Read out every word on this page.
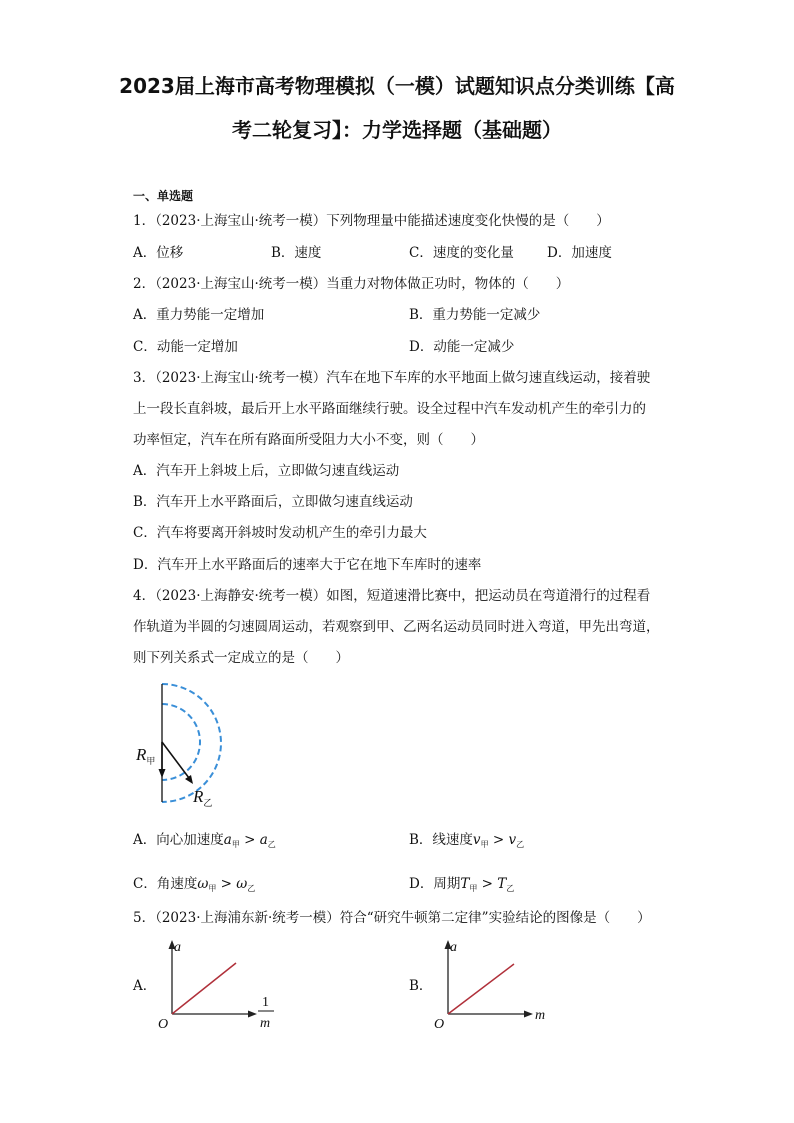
2023届上海市高考物理模拟（一模）试题知识点分类训练【高
考二轮复习】：力学选择题（基础题）
一、单选题
1．（2023·上海宝山·统考一模）下列物理量中能描述速度变化快慢的是（　　）
A．位移	B．速度	C．速度的变化量 D．加速度
2．（2023·上海宝山·统考一模）当重力对物体做正功时，物体的（　　）
A．重力势能一定增加	B．重力势能一定减少
C．动能一定增加	D．动能一定减少
3．（2023·上海宝山·统考一模）汽车在地下车库的水平地面上做匀速直线运动，接着驶
上一段长直斜坡，最后开上水平路面继续行驶。设全过程中汽车发动机产生的牵引力的
功率恒定，汽车在所有路面所受阻力大小不变，则（　　）
A．汽车开上斜坡上后，立即做匀速直线运动
B．汽车开上水平路面后，立即做匀速直线运动
C．汽车将要离开斜坡时发动机产生的牵引力最大
D．汽车开上水平路面后的速率大于它在地下车库时的速率
4．（2023·上海静安·统考一模）如图，短道速滑比赛中，把运动员在弯道滑行的过程看
作轨道为半圆的匀速圆周运动，若观察到甲、乙两名运动员同时进入弯道，甲先出弯道，
则下列关系式一定成立的是（　　）
$R_甲$
$R_乙$
A．向心加速度$a_甲 > a_乙$	B．线速度$v_甲 > v_乙$
C．角速度$\omega_甲 > \omega_乙$	D．周期$T_甲 > T_乙$
5．（2023·上海浦东新·统考一模）符合“研究牛顿第二定律”实验结论的图像是（　　）
A．
a
O
1
m
B．
a
O
m
